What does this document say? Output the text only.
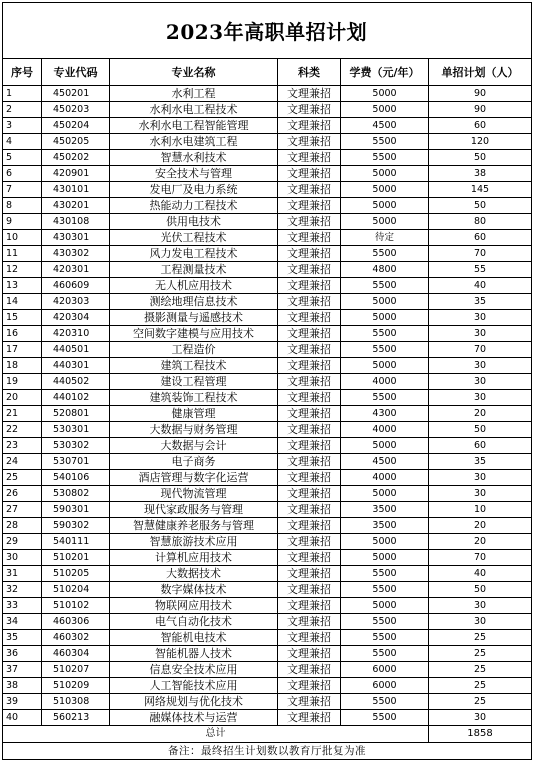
2023年高职单招计划
序号	专业代码	专业名称	科类	学费（元/年）	单招计划（人）
1	450201	水利工程	文理兼招	5000	90
2	450203	水利水电工程技术	文理兼招	5000	90
3	450204	水利水电工程智能管理	文理兼招	4500	60
4	450205	水利水电建筑工程	文理兼招	5500	120
5	450202	智慧水利技术	文理兼招	5500	50
6	420901	安全技术与管理	文理兼招	5000	38
7	430101	发电厂及电力系统	文理兼招	5000	145
8	430201	热能动力工程技术	文理兼招	5000	50
9	430108	供用电技术	文理兼招	5000	80
10	430301	光伏工程技术	文理兼招	待定	60
11	430302	风力发电工程技术	文理兼招	5500	70
12	420301	工程测量技术	文理兼招	4800	55
13	460609	无人机应用技术	文理兼招	5500	40
14	420303	测绘地理信息技术	文理兼招	5000	35
15	420304	摄影测量与遥感技术	文理兼招	5000	30
16	420310	空间数字建模与应用技术	文理兼招	5500	30
17	440501	工程造价	文理兼招	5500	70
18	440301	建筑工程技术	文理兼招	5000	30
19	440502	建设工程管理	文理兼招	4000	30
20	440102	建筑装饰工程技术	文理兼招	5500	30
21	520801	健康管理	文理兼招	4300	20
22	530301	大数据与财务管理	文理兼招	4000	50
23	530302	大数据与会计	文理兼招	5000	60
24	530701	电子商务	文理兼招	4500	35
25	540106	酒店管理与数字化运营	文理兼招	4000	30
26	530802	现代物流管理	文理兼招	5000	30
27	590301	现代家政服务与管理	文理兼招	3500	10
28	590302	智慧健康养老服务与管理	文理兼招	3500	20
29	540111	智慧旅游技术应用	文理兼招	5000	20
30	510201	计算机应用技术	文理兼招	5000	70
31	510205	大数据技术	文理兼招	5500	40
32	510204	数字媒体技术	文理兼招	5500	50
33	510102	物联网应用技术	文理兼招	5000	30
34	460306	电气自动化技术	文理兼招	5500	30
35	460302	智能机电技术	文理兼招	5500	25
36	460304	智能机器人技术	文理兼招	5500	25
37	510207	信息安全技术应用	文理兼招	6000	25
38	510209	人工智能技术应用	文理兼招	6000	25
39	510308	网络规划与优化技术	文理兼招	5500	25
40	560213	融媒体技术与运营	文理兼招	5500	30
总计					1858
备注：最终招生计划数以教育厅批复为准					
